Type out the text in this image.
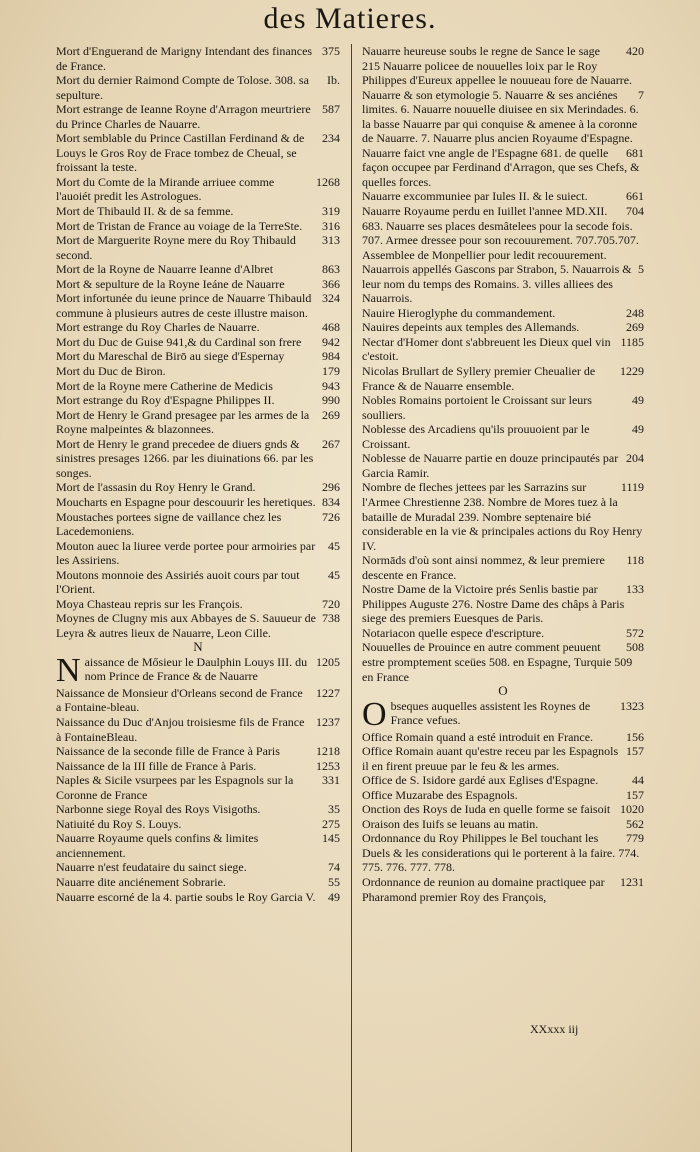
des Matieres.
375
Mort d'Enguerand de Marigny Intendant des finances de France.
Ib.
Mort du dernier Raimond Compte de Tolose. 308. sa sepulture.
587
Mort estrange de Ieanne Royne d'Arragon meurtriere du Prince Charles de Nauarre.
234
Mort semblable du Prince Castillan Ferdinand & de Louys le Gros Roy de Frace tombez de Cheual, se froissant la teste.
1268
Mort du Comte de la Mirande arriuee comme l'auoiét predit les Astrologues.
319
Mort de Thibauld II. & de sa femme.
316
Mort de Tristan de France au voiage de la TerreSte.
313
Mort de Marguerite Royne mere du Roy Thibauld second.
863
Mort de la Royne de Nauarre Ieanne d'Albret
366
Mort & sepulture de la Royne Ieáne de Nauarre
324
Mort infortunée du ieune prince de Nauarre Thibauld commune à plusieurs autres de ceste illustre maison.
468
Mort estrange du Roy Charles de Nauarre.
942
Mort du Duc de Guise 941,& du Cardinal son frere
984
Mort du Mareschal de Birō au siege d'Espernay
179
Mort du Duc de Biron.
943
Mort de la Royne mere Catherine de Medicis
990
Mort estrange du Roy d'Espagne Philippes II.
269
Mort de Henry le Grand presagee par les armes de la Royne malpeintes & blazonnees.
267
Mort de Henry le grand precedee de diuers gnds & sinistres presages 1266. par les diuinations 66. par les songes.
296
Mort de l'assasin du Roy Henry le Grand.
834
Moucharts en Espagne pour descouurir les heretiques.
726
Moustaches portees signe de vaillance chez les Lacedemoniens.
45
Mouton auec la liuree verde portee pour armoiries par les Assiriens.
45
Moutons monnoie des Assiriés auoit cours par tout l'Orient.
720
Moya Chasteau repris sur les François.
738
Moynes de Clugny mis aux Abbayes de S. Sauueur de Leyra & autres lieux de Nauarre, Leon Cille.
N
1205
N aissance de Mősieur le Daulphin Louys III. du nom Prince de France & de Nauarre
1227
Naissance de Monsieur d'Orleans second de France a Fontaine-bleau.
1237
Naissance du Duc d'Anjou troisiesme fils de France à FontaineBleau.
1218
Naissance de la seconde fille de France à Paris
1253
Naissance de la III fille de France à Paris.
331
Naples & Sicile vsurpees par les Espagnols sur la Coronne de France
35
Narbonne siege Royal des Roys Visigoths.
275
Natiuité du Roy S. Louys.
145
Nauarre Royaume quels confins & limites anciennement.
74
Nauarre n'est feudataire du sainct siege.
55
Nauarre dite anciénement Sobrarie.
49
Nauarre escorné de la 4. partie soubs le Roy Garcia V.
420
Nauarre heureuse soubs le regne de Sance le sage 215 Nauarre policee de nouuelles loix par le Roy Philippes d'Eureux appellee le nouueau fore de Nauarre.
7
Nauarre & son etymologie 5. Nauarre & ses anciénes limites. 6. Nauarre nouuelle diuisee en six Merindades. 6. la basse Nauarre par qui conquise & amenee à la coronne de Nauarre. 7. Nauarre plus ancien Royaume d'Espagne.
681
Nauarre faict vne angle de l'Espagne 681. de quelle façon occupee par Ferdinand d'Arragon, que ses Chefs, & quelles forces.
661
Nauarre excommuniee par Iules II. & le suiect.
704
Nauarre Royaume perdu en Iuillet l'annee MD.XII. 683. Nauarre ses places desmâtelees pour la secode fois. 707. Armee dressee pour son recouurement. 707.705.707. Assemblee de Monpellier pour ledit recouurement.
5
Nauarrois appellés Gascons par Strabon, 5. Nauarrois & leur nom du temps des Romains. 3. villes alliees des Nauarrois.
248
Nauire Hieroglyphe du commandement.
269
Nauires depeints aux temples des Allemands.
1185
Nectar d'Homer dont s'abbreuent les Dieux quel vin c'estoit.
1229
Nicolas Brullart de Syllery premier Cheualier de France & de Nauarre ensemble.
49
Nobles Romains portoient le Croissant sur leurs soulliers.
49
Noblesse des Arcadiens qu'ils prouuoient par le Croissant.
204
Noblesse de Nauarre partie en douze principautés par Garcia Ramir.
1119
Nombre de fleches jettees par les Sarrazins sur l'Armee Chrestienne 238. Nombre de Mores tuez à la bataille de Muradal 239. Nombre septenaire bié considerable en la vie & principales actions du Roy Henry IV.
118
Normāds d'où sont ainsi nommez, & leur premiere descente en France.
133
Nostre Dame de la Victoire prés Senlis bastie par Philippes Auguste 276. Nostre Dame des châps à Paris siege des premiers Euesques de Paris.
572
Notariacon quelle espece d'escripture.
508
Nouuelles de Prouince en autre comment peuuent estre promptement sceües 508. en Espagne, Turquie 509 en France
O
1323
O bseques auquelles assistent les Roynes de France vefues.
156
Office Romain quand a esté introduit en France.
157
Office Romain auant qu'estre receu par les Espagnols il en firent preuue par le feu & les armes.
44
Office de S. Isidore gardé aux Eglises d'Espagne.
157
Office Muzarabe des Espagnols.
1020
Onction des Roys de Iuda en quelle forme se faisoit
562
Oraison des Iuifs se leuans au matin.
779
Ordonnance du Roy Philippes le Bel touchant les Duels & les considerations qui le porterent à la faire. 774. 775. 776. 777. 778.
1231
Ordonnance de reunion au domaine practiquee par Pharamond premier Roy des François,
XXxxx iij
